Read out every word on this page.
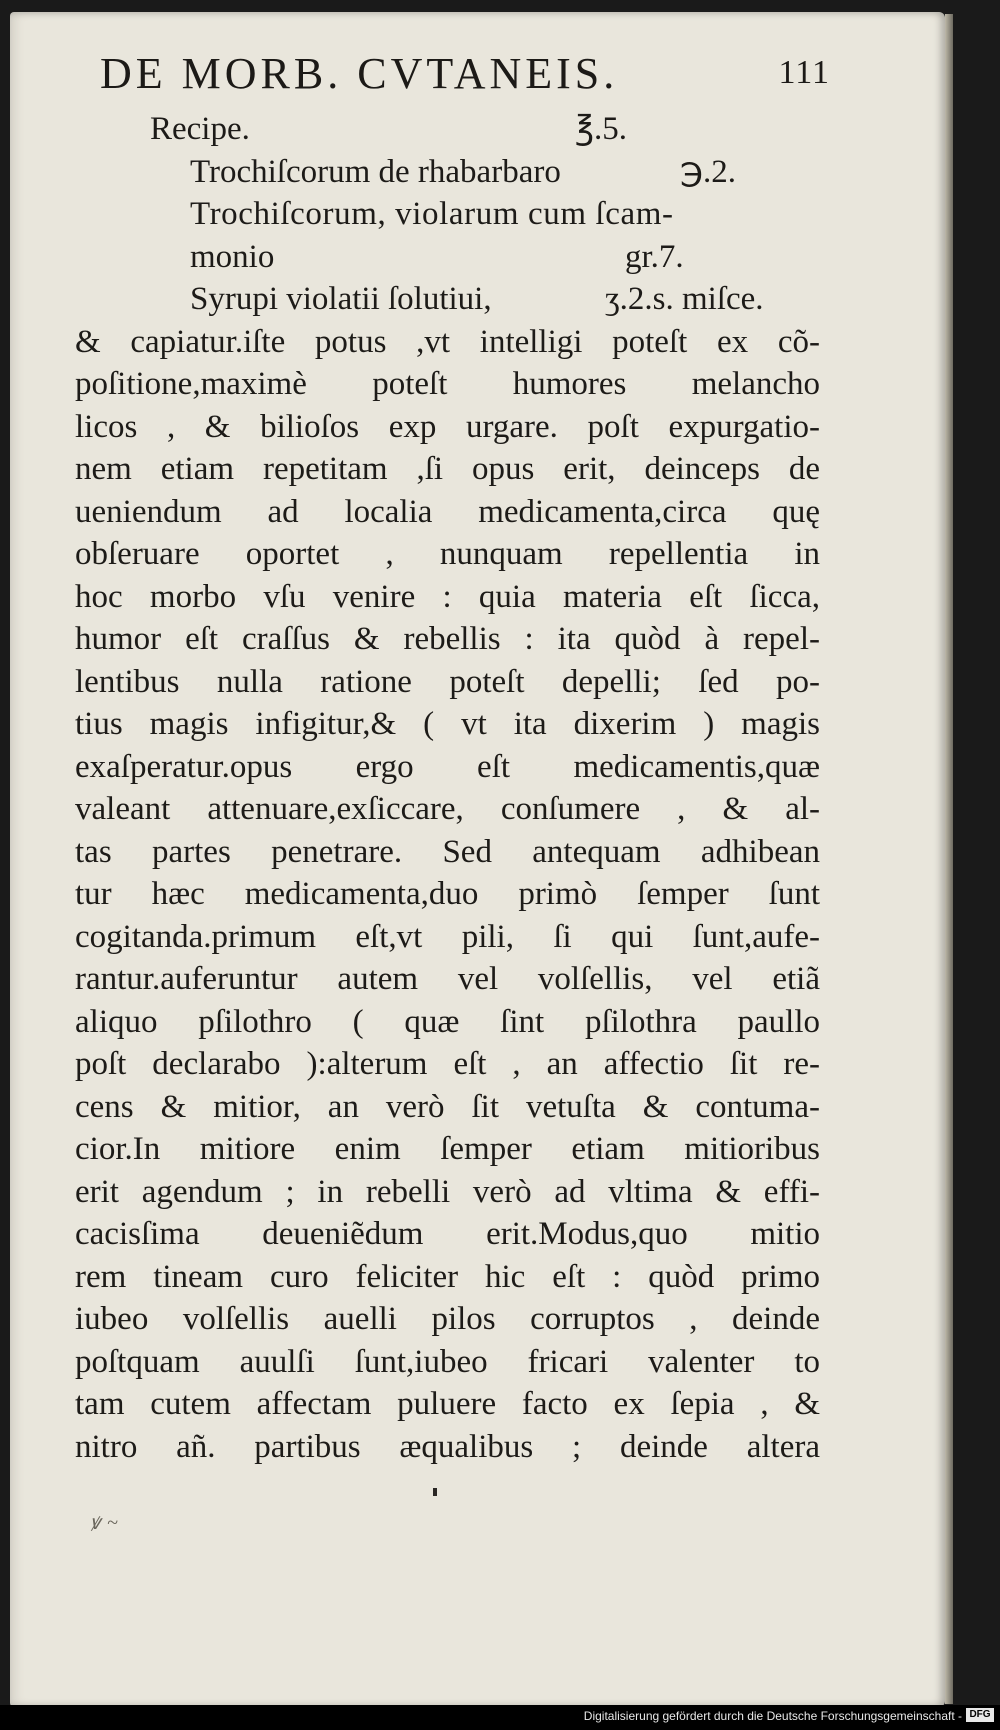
DE MORB. CVTANEIS.	111
Recipe.	℥.5.
Trochiſcorum de rhabarbaro	℈.2.
Trochiſcorum, violarum cum ſcam-
monio	gr.7.
Syrupi violatii ſolutiui,	ʒ.2.s. miſce.
& capiatur.iſte potus ,vt intelligi poteſt ex cõ-
poſitione,maximè poteſt humores melancho
licos , & bilioſos exp urgare. poſt expurgatio-
nem etiam repetitam ,ſi opus erit, deinceps de
ueniendum ad localia medicamenta,circa quę
obſeruare oportet , nunquam repellentia in
hoc morbo vſu venire : quia materia eſt ſicca,
humor eſt craſſus & rebellis : ita quòd à repel-
lentibus nulla ratione poteſt depelli; ſed po-
tius magis infigitur,& ( vt ita dixerim ) magis
exaſperatur.opus ergo eſt medicamentis,quæ
valeant attenuare,exſiccare, conſumere , & al-
tas partes penetrare. Sed antequam adhibean
tur hæc medicamenta,duo primò ſemper ſunt
cogitanda.primum eſt,vt pili, ſi qui ſunt,aufe-
rantur.auferuntur autem vel volſellis, vel etiã
aliquo pſilothro ( quæ ſint pſilothra paullo
poſt declarabo ):alterum eſt , an affectio ſit re-
cens & mitior, an verò ſit vetuſta & contuma-
cior.In mitiore enim ſemper etiam mitioribus
erit agendum ; in rebelli verò ad vltima & effi-
cacisſima deueniẽdum erit.Modus,quo mitio
rem tineam curo feliciter hic eſt : quòd primo
iubeo volſellis auelli pilos corruptos , deinde
poſtquam auulſi ſunt,iubeo fricari valenter to
tam cutem affectam puluere facto ex ſepia , &
nitro añ. partibus æqualibus ; deinde altera
ꝟ ~
Digitalisierung gefördert durch die Deutsche Forschungsgemeinschaft - DFG
